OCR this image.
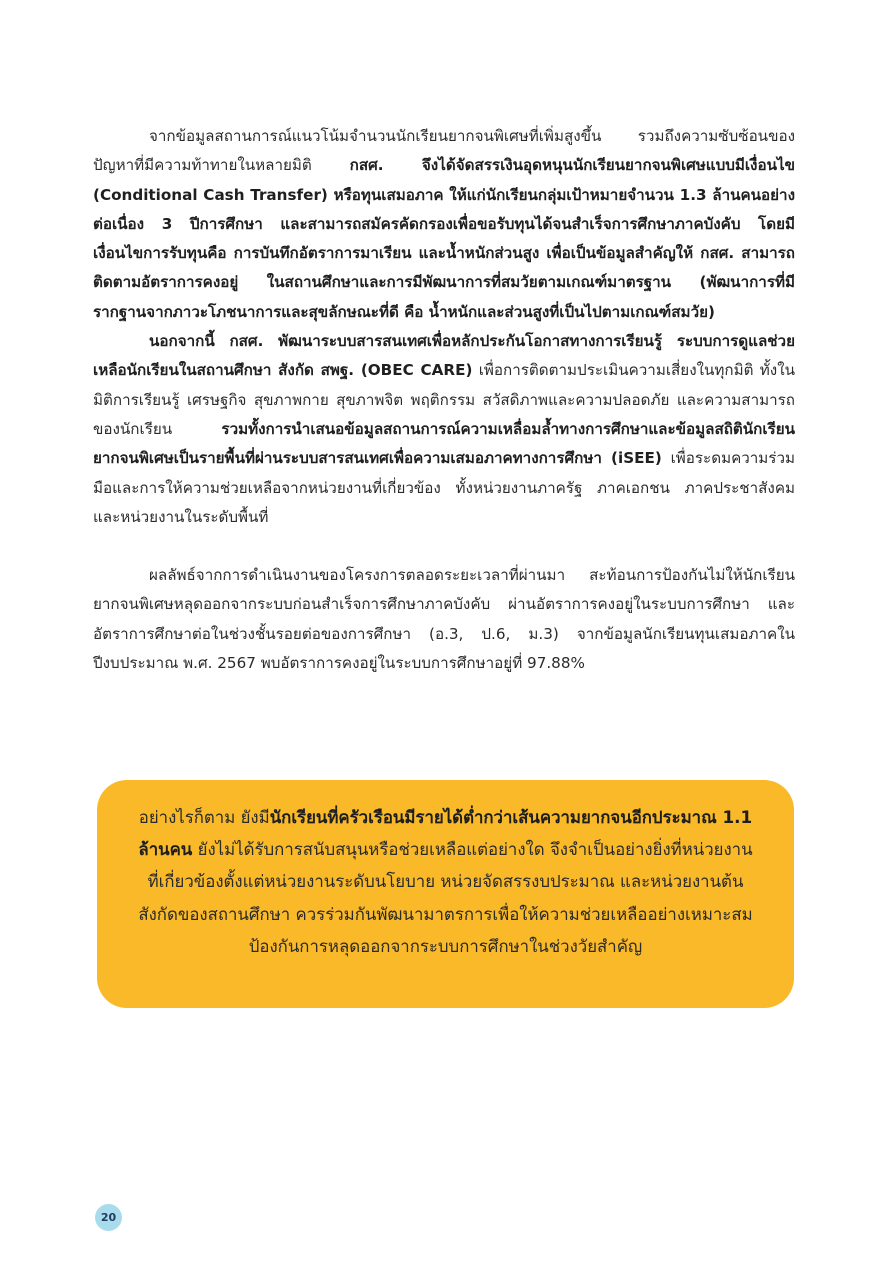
จากข้อมูลสถานการณ์แนวโน้มจำนวนนักเรียนยากจนพิเศษที่เพิ่มสูงขึ้น รวมถึงความซับซ้อนของปัญหาที่มีความท้าทายในหลายมิติ กสศ. จึงได้จัดสรรเงินอุดหนุนนักเรียนยากจนพิเศษแบบมีเงื่อนไข (Conditional Cash Transfer) หรือทุนเสมอภาค ให้แก่นักเรียนกลุ่มเป้าหมายจำนวน 1.3 ล้านคนอย่างต่อเนื่อง 3 ปีการศึกษา และสามารถสมัครคัดกรองเพื่อขอรับทุนได้จนสำเร็จการศึกษาภาคบังคับ โดยมีเงื่อนไขการรับทุนคือ การบันทึกอัตราการมาเรียน และน้ำหนักส่วนสูง เพื่อเป็นข้อมูลสำคัญให้ กสศ. สามารถติดตามอัตราการคงอยู่ ในสถานศึกษาและการมีพัฒนาการที่สมวัยตามเกณฑ์มาตรฐาน (พัฒนาการที่มีรากฐานจากภาวะโภชนาการและสุขลักษณะที่ดี คือ น้ำหนักและส่วนสูงที่เป็นไปตามเกณฑ์สมวัย)

นอกจากนี้ กสศ. พัฒนาระบบสารสนเทศเพื่อหลักประกันโอกาสทางการเรียนรู้ ระบบการดูแลช่วยเหลือนักเรียนในสถานศึกษา สังกัด สพฐ. (OBEC CARE) เพื่อการติดตามประเมินความเสี่ยงในทุกมิติ ทั้งในมิติการเรียนรู้ เศรษฐกิจ สุขภาพกาย สุขภาพจิต พฤติกรรม สวัสดิภาพและความปลอดภัย และความสามารถของนักเรียน รวมทั้งการนำเสนอข้อมูลสถานการณ์ความเหลื่อมล้ำทางการศึกษาและข้อมูลสถิตินักเรียนยากจนพิเศษเป็นรายพื้นที่ผ่านระบบสารสนเทศเพื่อความเสมอภาคทางการศึกษา (iSEE) เพื่อระดมความร่วมมือและการให้ความช่วยเหลือจากหน่วยงานที่เกี่ยวข้อง ทั้งหน่วยงานภาครัฐ ภาคเอกชน ภาคประชาสังคม และหน่วยงานในระดับพื้นที่

ผลลัพธ์จากการดำเนินงานของโครงการตลอดระยะเวลาที่ผ่านมา สะท้อนการป้องกันไม่ให้นักเรียนยากจนพิเศษหลุดออกจากระบบก่อนสำเร็จการศึกษาภาคบังคับ ผ่านอัตราการคงอยู่ในระบบการศึกษา และอัตราการศึกษาต่อในช่วงชั้นรอยต่อของการศึกษา (อ.3, ป.6, ม.3) จากข้อมูลนักเรียนทุนเสมอภาคในปีงบประมาณ พ.ศ. 2567 พบอัตราการคงอยู่ในระบบการศึกษาอยู่ที่ 97.88%

อย่างไรก็ตาม ยังมีนักเรียนที่ครัวเรือนมีรายได้ต่ำกว่าเส้นความยากจนอีกประมาณ 1.1 ล้านคน ยังไม่ได้รับการสนับสนุนหรือช่วยเหลือแต่อย่างใด จึงจำเป็นอย่างยิ่งที่หน่วยงานที่เกี่ยวข้องตั้งแต่หน่วยงานระดับนโยบาย หน่วยจัดสรรงบประมาณ และหน่วยงานต้นสังกัดของสถานศึกษา ควรร่วมกันพัฒนามาตรการเพื่อให้ความช่วยเหลืออย่างเหมาะสม ป้องกันการหลุดออกจากระบบการศึกษาในช่วงวัยสำคัญ
20
